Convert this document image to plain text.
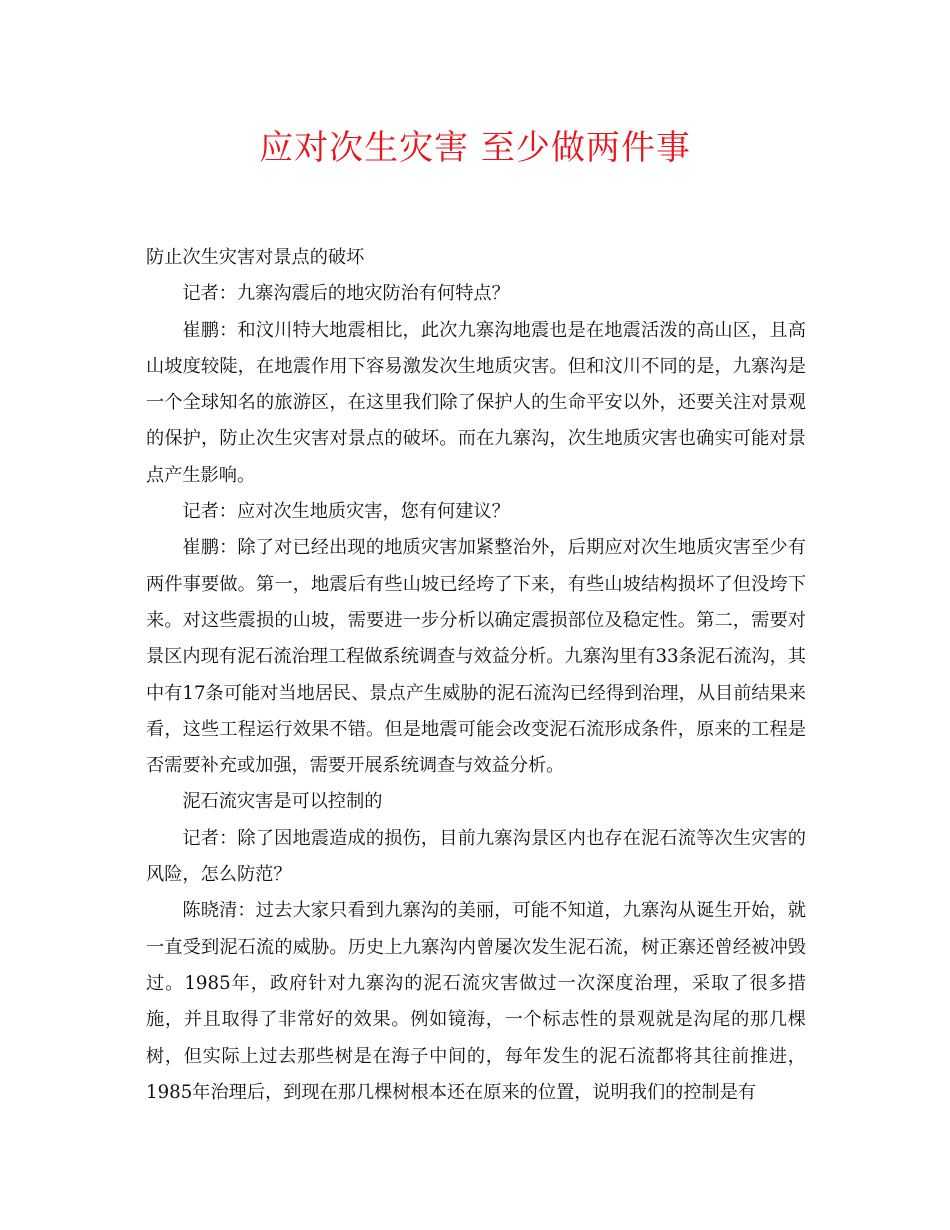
应对次生灾害 至少做两件事

防止次生灾害对景点的破坏

记者：九寨沟震后的地灾防治有何特点？

崔鹏：和汶川特大地震相比，此次九寨沟地震也是在地震活泼的高山区，且高山坡度较陡，在地震作用下容易激发次生地质灾害。但和汶川不同的是，九寨沟是一个全球知名的旅游区，在这里我们除了保护人的生命平安以外，还要关注对景观的保护，防止次生灾害对景点的破坏。而在九寨沟，次生地质灾害也确实可能对景点产生影响。

记者：应对次生地质灾害，您有何建议？

崔鹏：除了对已经出现的地质灾害加紧整治外，后期应对次生地质灾害至少有两件事要做。第一，地震后有些山坡已经垮了下来，有些山坡结构损坏了但没垮下来。对这些震损的山坡，需要进一步分析以确定震损部位及稳定性。第二，需要对景区内现有泥石流治理工程做系统调查与效益分析。九寨沟里有33条泥石流沟，其中有17条可能对当地居民、景点产生威胁的泥石流沟已经得到治理，从目前结果来看，这些工程运行效果不错。但是地震可能会改变泥石流形成条件，原来的工程是否需要补充或加强，需要开展系统调查与效益分析。

泥石流灾害是可以控制的

记者：除了因地震造成的损伤，目前九寨沟景区内也存在泥石流等次生灾害的风险，怎么防范？

陈晓清：过去大家只看到九寨沟的美丽，可能不知道，九寨沟从诞生开始，就一直受到泥石流的威胁。历史上九寨沟内曾屡次发生泥石流，树正寨还曾经被冲毁过。1985年，政府针对九寨沟的泥石流灾害做过一次深度治理，采取了很多措施，并且取得了非常好的效果。例如镜海，一个标志性的景观就是沟尾的那几棵树，但实际上过去那些树是在海子中间的，每年发生的泥石流都将其往前推进，1985年治理后，到现在那几棵树根本还在原来的位置，说明我们的控制是有
